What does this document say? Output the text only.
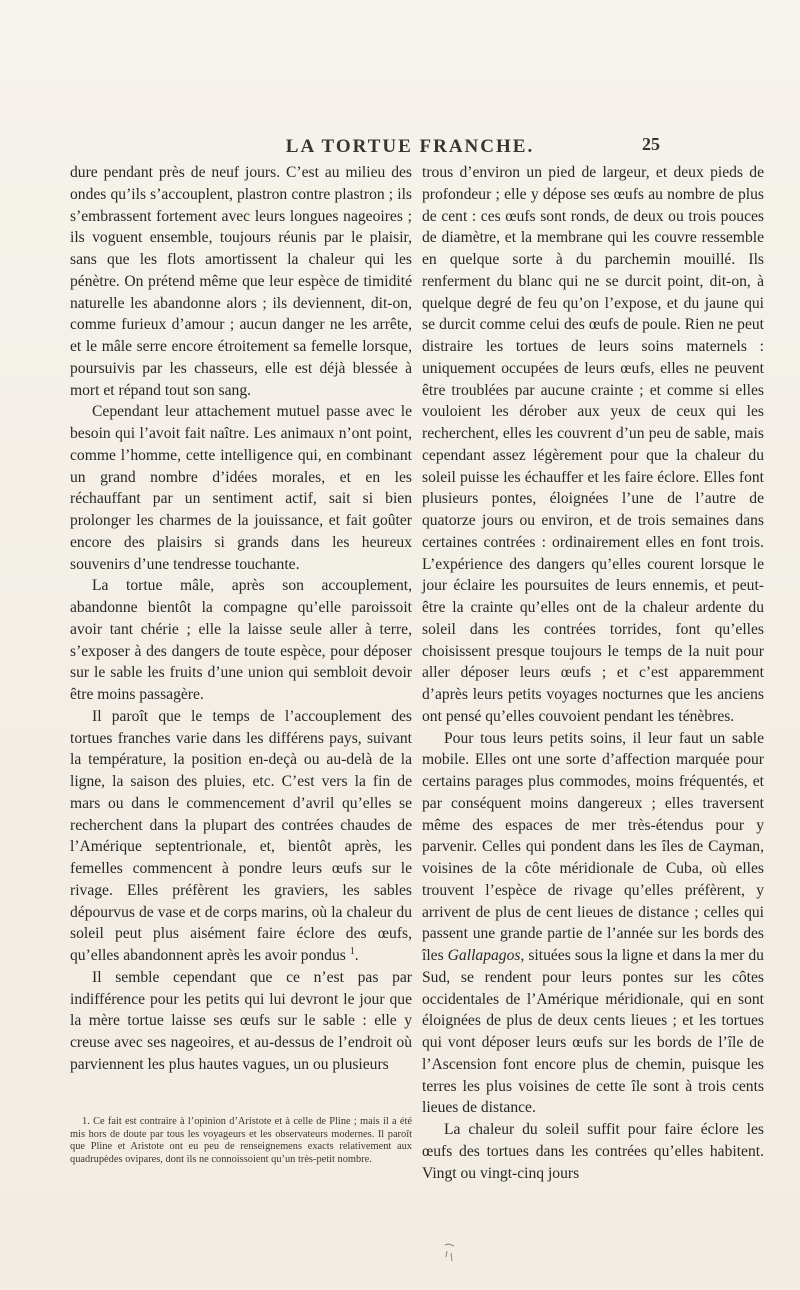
LA TORTUE FRANCHE.	25

dure pendant près de neuf jours. C’est au milieu des ondes qu’ils s’accouplent, plastron contre plastron ; ils s’embrassent fortement avec leurs longues nageoires ; ils voguent ensemble, toujours réunis par le plaisir, sans que les flots amortissent la chaleur qui les pénètre. On prétend même que leur espèce de timidité naturelle les abandonne alors ; ils deviennent, dit-on, comme furieux d’amour ; aucun danger ne les arrête, et le mâle serre encore étroitement sa femelle lorsque, poursuivis par les chasseurs, elle est déjà blessée à mort et répand tout son sang.

Cependant leur attachement mutuel passe avec le besoin qui l’avoit fait naître. Les animaux n’ont point, comme l’homme, cette intelligence qui, en combinant un grand nombre d’idées morales, et en les réchauffant par un sentiment actif, sait si bien prolonger les charmes de la jouissance, et fait goûter encore des plaisirs si grands dans les heureux souvenirs d’une tendresse touchante.

La tortue mâle, après son accouplement, abandonne bientôt la compagne qu’elle paroissoit avoir tant chérie ; elle la laisse seule aller à terre, s’exposer à des dangers de toute espèce, pour déposer sur le sable les fruits d’une union qui sembloit devoir être moins passagère.

Il paroît que le temps de l’accouplement des tortues franches varie dans les différens pays, suivant la température, la position en-deçà ou au-delà de la ligne, la saison des pluies, etc. C’est vers la fin de mars ou dans le commencement d’avril qu’elles se recherchent dans la plupart des contrées chaudes de l’Amérique septentrionale, et, bientôt après, les femelles commencent à pondre leurs œufs sur le rivage. Elles préfèrent les graviers, les sables dépourvus de vase et de corps marins, où la chaleur du soleil peut plus aisément faire éclore des œufs, qu’elles abandonnent après les avoir pondus $^1$.

Il semble cependant que ce n’est pas par indifférence pour les petits qui lui devront le jour que la mère tortue laisse ses œufs sur le sable : elle y creuse avec ses nageoires, et au-dessus de l’endroit où parviennent les plus hautes vagues, un ou plusieurs

1. Ce fait est contraire à l’opinion d’Aristote et à celle de Pline ; mais il a été mis hors de doute par tous les voyageurs et les observateurs modernes. Il paroît que Pline et Aristote ont eu peu de renseignemens exacts relativement aux quadrupèdes ovipares, dont ils ne connoissoient qu’un très-petit nombre.

trous d’environ un pied de largeur, et deux pieds de profondeur ; elle y dépose ses œufs au nombre de plus de cent : ces œufs sont ronds, de deux ou trois pouces de diamètre, et la membrane qui les couvre ressemble en quelque sorte à du parchemin mouillé. Ils renferment du blanc qui ne se durcit point, dit-on, à quelque degré de feu qu’on l’expose, et du jaune qui se durcit comme celui des œufs de poule. Rien ne peut distraire les tortues de leurs soins maternels : uniquement occupées de leurs œufs, elles ne peuvent être troublées par aucune crainte ; et comme si elles vouloient les dérober aux yeux de ceux qui les recherchent, elles les couvrent d’un peu de sable, mais cependant assez légèrement pour que la chaleur du soleil puisse les échauffer et les faire éclore. Elles font plusieurs pontes, éloignées l’une de l’autre de quatorze jours ou environ, et de trois semaines dans certaines contrées : ordinairement elles en font trois. L’expérience des dangers qu’elles courent lorsque le jour éclaire les poursuites de leurs ennemis, et peut-être la crainte qu’elles ont de la chaleur ardente du soleil dans les contrées torrides, font qu’elles choisissent presque toujours le temps de la nuit pour aller déposer leurs œufs ; et c’est apparemment d’après leurs petits voyages nocturnes que les anciens ont pensé qu’elles couvoient pendant les ténèbres.

Pour tous leurs petits soins, il leur faut un sable mobile. Elles ont une sorte d’affection marquée pour certains parages plus commodes, moins fréquentés, et par conséquent moins dangereux ; elles traversent même des espaces de mer très-étendus pour y parvenir. Celles qui pondent dans les îles de Cayman, voisines de la côte méridionale de Cuba, où elles trouvent l’espèce de rivage qu’elles préfèrent, y arrivent de plus de cent lieues de distance ; celles qui passent une grande partie de l’année sur les bords des îles Gallapagos, situées sous la ligne et dans la mer du Sud, se rendent pour leurs pontes sur les côtes occidentales de l’Amérique méridionale, qui en sont éloignées de plus de deux cents lieues ; et les tortues qui vont déposer leurs œufs sur les bords de l’île de l’Ascension font encore plus de chemin, puisque les terres les plus voisines de cette île sont à trois cents lieues de distance.

La chaleur du soleil suffit pour faire éclore les œufs des tortues dans les contrées qu’elles habitent. Vingt ou vingt-cinq jours
